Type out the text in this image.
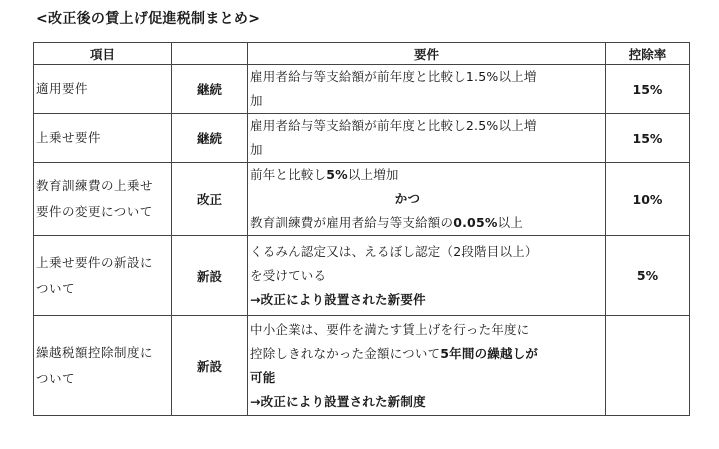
<改正後の賃上げ促進税制まとめ>
項目		要件	控除率

適用要件	継続	雇用者給与等支給額が前年度と比較し1.5%以上増
加	15%

上乗せ要件	継続	雇用者給与等支給額が前年度と比較し2.5%以上増
加	15%

教育訓練費の上乗せ
要件の変更について	改正	前年と比較し5%以上増加
かつ
教育訓練費が雇用者給与等支給額の0.05%以上	10%

上乗せ要件の新設に
ついて	新設	くるみん認定又は、えるぼし認定（2段階目以上）
を受けている
→改正により設置された新要件	5%

繰越税額控除制度に
ついて	新設	中小企業は、要件を満たす賃上げを行った年度に
控除しきれなかった金額について5年間の繰越しが
可能
→改正により設置された新制度	
